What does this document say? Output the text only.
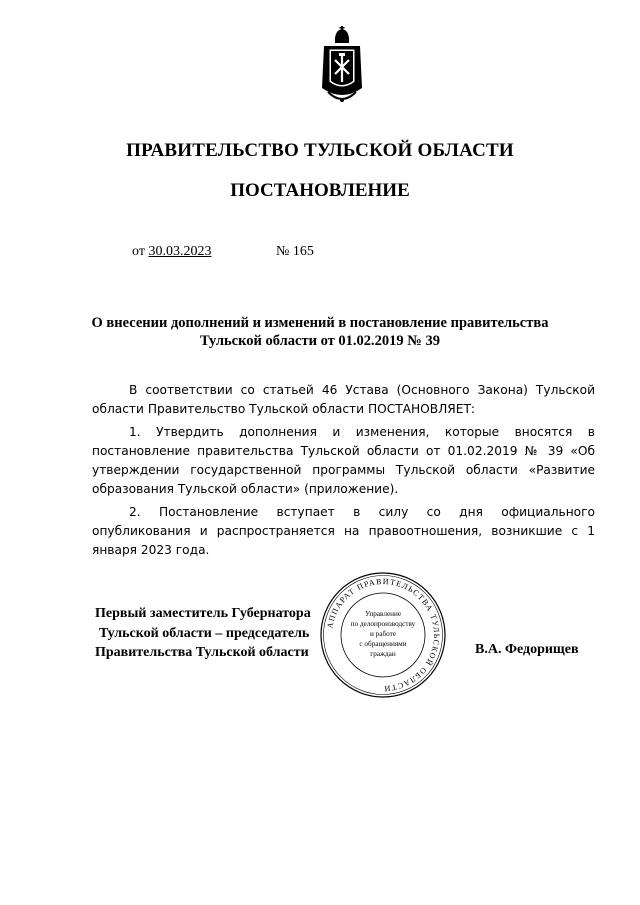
ПРАВИТЕЛЬСТВО ТУЛЬСКОЙ ОБЛАСТИ
ПОСТАНОВЛЕНИЕ
от 30.03.2023	№ 165
О внесении дополнений и изменений в постановление правительства
Тульской области от 01.02.2019 № 39
В соответствии со статьей 46 Устава (Основного Закона) Тульской области Правительство Тульской области ПОСТАНОВЛЯЕТ:
1. Утвердить дополнения и изменения, которые вносятся в постановление правительства Тульской области от 01.02.2019 № 39 «Об утверждении государственной программы Тульской области «Развитие образования Тульской области» (приложение).
2. Постановление вступает в силу со дня официального опубликования и распространяется на правоотношения, возникшие с 1 января 2023 года.
Первый заместитель Губернатора
Тульской области – председатель
Правительства Тульской области	В.А. Федорищев
АППАРАТ ПРАВИТЕЛЬСТВА ТУЛЬСКОЙ ОБЛАСТИ
Управление
по делопроизводству
и работе
с обращениями
граждан
